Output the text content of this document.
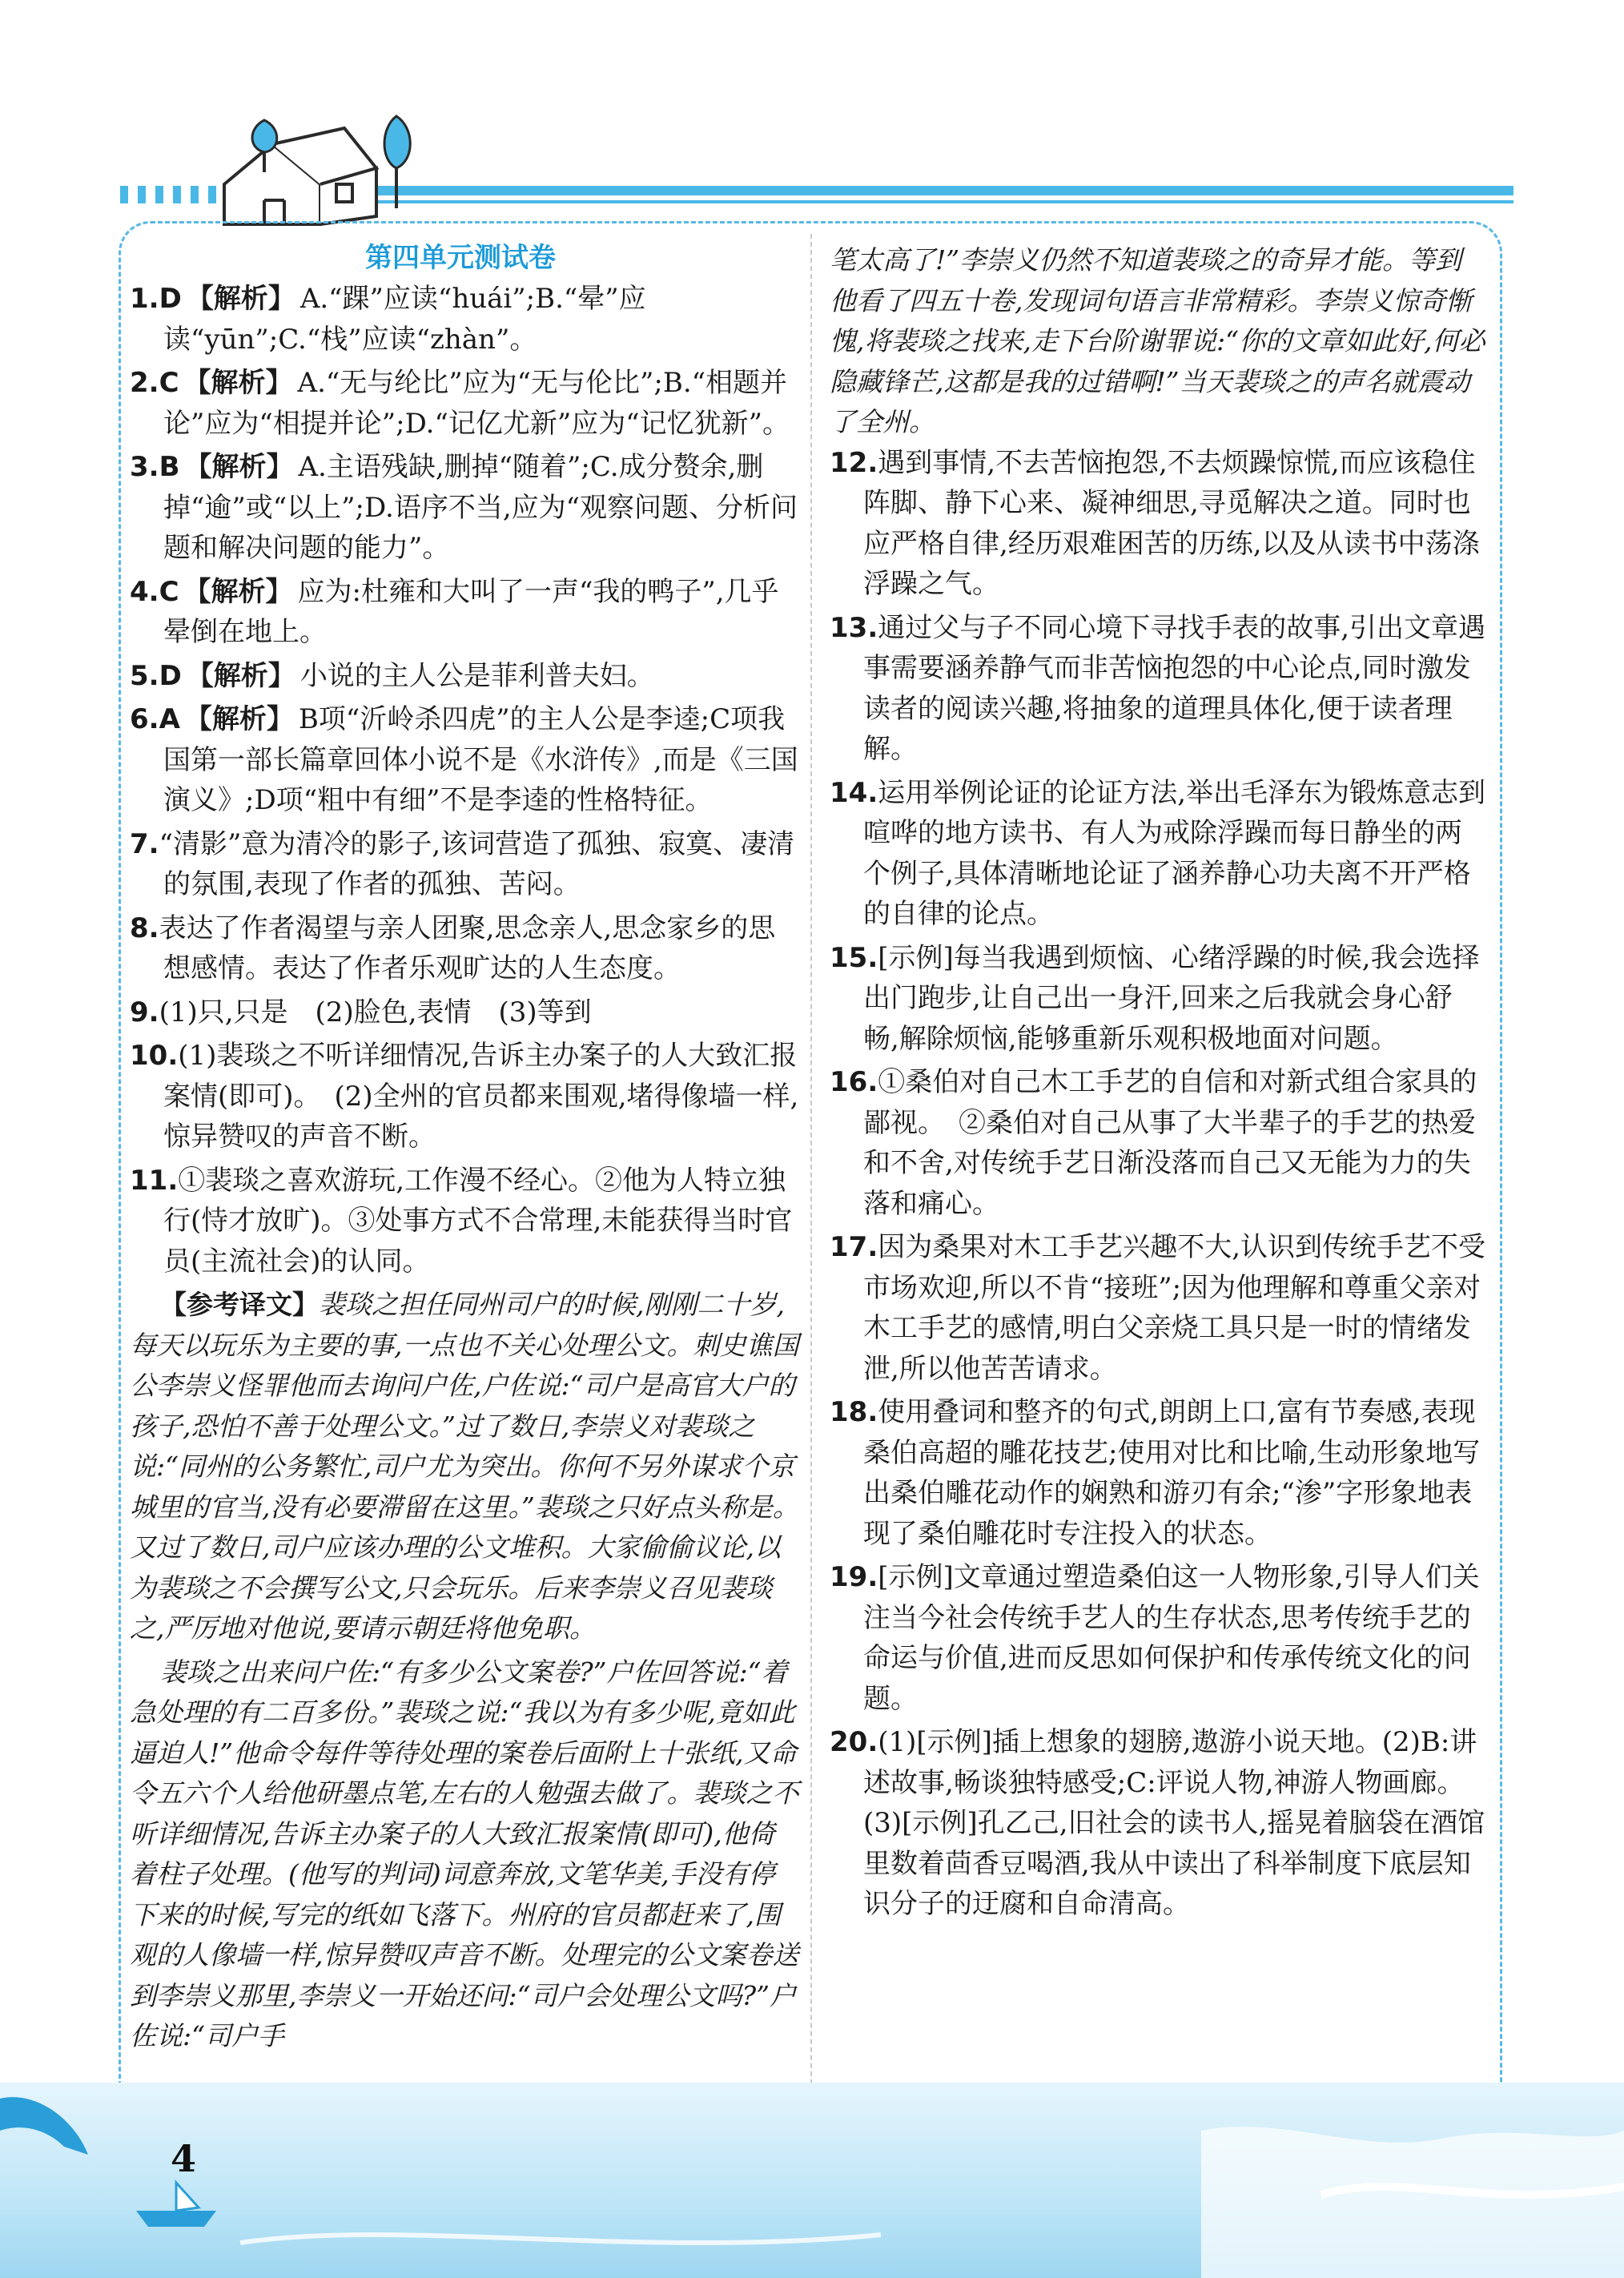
第四单元测试卷

1.D 【解析】 A.“踝”应读“huái”;B.“晕”应读“yūn”;C.“栈”应读“zhàn”。

2.C 【解析】 A.“无与纶比”应为“无与伦比”;B.“相题并论”应为“相提并论”;D.“记亿尤新”应为“记忆犹新”。

3.B 【解析】 A.主语残缺,删掉“随着”;C.成分赘余,删掉“逾”或“以上”;D.语序不当,应为“观察问题、分析问题和解决问题的能力”。

4.C 【解析】 应为:杜雍和大叫了一声“我的鸭子”,几乎晕倒在地上。

5.D 【解析】 小说的主人公是菲利普夫妇。

6.A 【解析】 B项“沂岭杀四虎”的主人公是李逵;C项我国第一部长篇章回体小说不是《水浒传》,而是《三国演义》;D项“粗中有细”不是李逵的性格特征。

7.“清影”意为清冷的影子,该词营造了孤独、寂寞、凄清的氛围,表现了作者的孤独、苦闷。

8.表达了作者渴望与亲人团聚,思念亲人,思念家乡的思想感情。表达了作者乐观旷达的人生态度。

9.(1)只,只是　(2)脸色,表情　(3)等到

10.(1)裴琰之不听详细情况,告诉主办案子的人大致汇报案情(即可)。　(2)全州的官员都来围观,堵得像墙一样,惊异赞叹的声音不断。

11.①裴琰之喜欢游玩,工作漫不经心。②他为人特立独行(恃才放旷)。③处事方式不合常理,未能获得当时官员(主流社会)的认同。

【参考译文】裴琰之担任同州司户的时候,刚刚二十岁,每天以玩乐为主要的事,一点也不关心处理公文。刺史谯国公李崇义怪罪他而去询问户佐,户佐说:“司户是高官大户的孩子,恐怕不善于处理公文。”过了数日,李崇义对裴琰之说:“同州的公务繁忙,司户尤为突出。你何不另外谋求个京城里的官当,没有必要滞留在这里。”裴琰之只好点头称是。又过了数日,司户应该办理的公文堆积。大家偷偷议论,以为裴琰之不会撰写公文,只会玩乐。后来李崇义召见裴琰之,严厉地对他说,要请示朝廷将他免职。

裴琰之出来问户佐:“有多少公文案卷?”户佐回答说:“着急处理的有二百多份。”裴琰之说:“我以为有多少呢,竟如此逼迫人!”他命令每件等待处理的案卷后面附上十张纸,又命令五六个人给他研墨点笔,左右的人勉强去做了。裴琰之不听详细情况,告诉主办案子的人大致汇报案情(即可),他倚着柱子处理。(他写的判词)词意奔放,文笔华美,手没有停下来的时候,写完的纸如飞落下。州府的官员都赶来了,围观的人像墙一样,惊异赞叹声音不断。处理完的公文案卷送到李崇义那里,李崇义一开始还问:“司户会处理公文吗?”户佐说:“司户手

笔太高了!”李崇义仍然不知道裴琰之的奇异才能。等到他看了四五十卷,发现词句语言非常精彩。李崇义惊奇惭愧,将裴琰之找来,走下台阶谢罪说:“你的文章如此好,何必隐藏锋芒,这都是我的过错啊!”当天裴琰之的声名就震动了全州。

12.遇到事情,不去苦恼抱怨,不去烦躁惊慌,而应该稳住阵脚、静下心来、凝神细思,寻觅解决之道。同时也应严格自律,经历艰难困苦的历练,以及从读书中荡涤浮躁之气。

13.通过父与子不同心境下寻找手表的故事,引出文章遇事需要涵养静气而非苦恼抱怨的中心论点,同时激发读者的阅读兴趣,将抽象的道理具体化,便于读者理解。

14.运用举例论证的论证方法,举出毛泽东为锻炼意志到喧哗的地方读书、有人为戒除浮躁而每日静坐的两个例子,具体清晰地论证了涵养静心功夫离不开严格的自律的论点。

15.[示例]每当我遇到烦恼、心绪浮躁的时候,我会选择出门跑步,让自己出一身汗,回来之后我就会身心舒畅,解除烦恼,能够重新乐观积极地面对问题。

16.①桑伯对自己木工手艺的自信和对新式组合家具的鄙视。　②桑伯对自己从事了大半辈子的手艺的热爱和不舍,对传统手艺日渐没落而自己又无能为力的失落和痛心。

17.因为桑果对木工手艺兴趣不大,认识到传统手艺不受市场欢迎,所以不肯“接班”;因为他理解和尊重父亲对木工手艺的感情,明白父亲烧工具只是一时的情绪发泄,所以他苦苦请求。

18.使用叠词和整齐的句式,朗朗上口,富有节奏感,表现桑伯高超的雕花技艺;使用对比和比喻,生动形象地写出桑伯雕花动作的娴熟和游刃有余;“渗”字形象地表现了桑伯雕花时专注投入的状态。

19.[示例]文章通过塑造桑伯这一人物形象,引导人们关注当今社会传统手艺人的生存状态,思考传统手艺的命运与价值,进而反思如何保护和传承传统文化的问题。

20.(1)[示例]插上想象的翅膀,遨游小说天地。(2)B:讲述故事,畅谈独特感受;C:评说人物,神游人物画廊。(3)[示例]孔乙己,旧社会的读书人,摇晃着脑袋在酒馆里数着茴香豆喝酒,我从中读出了科举制度下底层知识分子的迂腐和自命清高。

4
